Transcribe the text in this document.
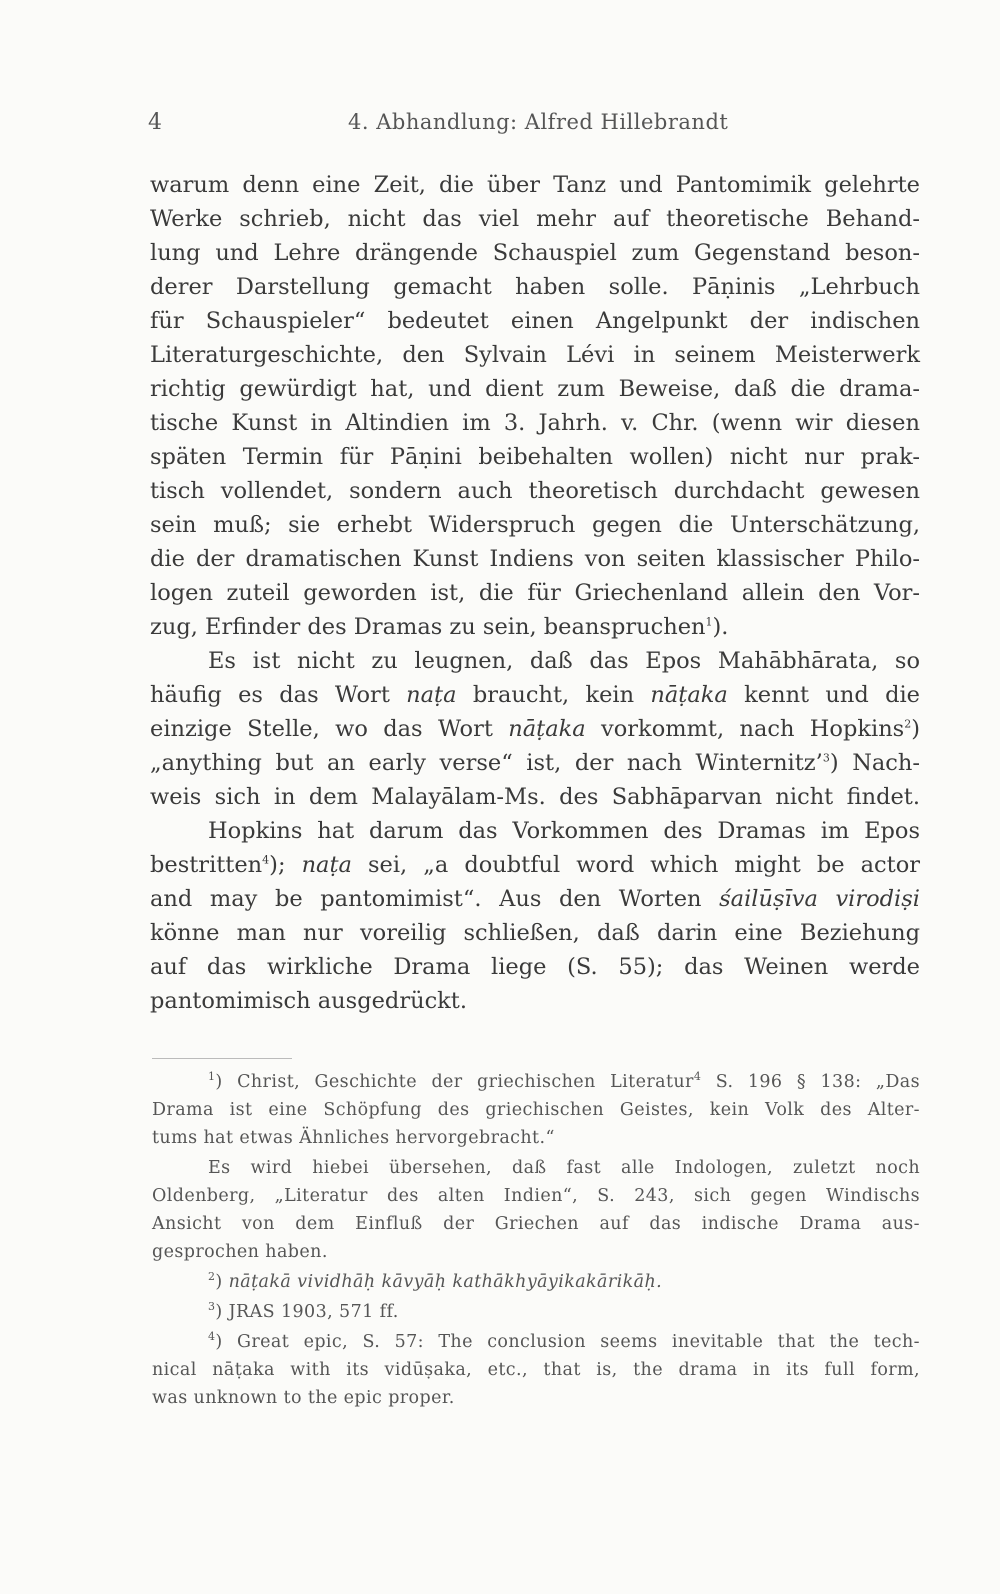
4	4. Abhandlung: Alfred Hillebrandt
warum denn eine Zeit, die über Tanz und Pantomimik gelehrte
Werke schrieb, nicht das viel mehr auf theoretische Behand-
lung und Lehre drängende Schauspiel zum Gegenstand beson-
derer Darstellung gemacht haben solle. Pāṇinis „Lehrbuch
für Schauspieler“ bedeutet einen Angelpunkt der indischen
Literaturgeschichte, den Sylvain Lévi in seinem Meisterwerk
richtig gewürdigt hat, und dient zum Beweise, daß die drama-
tische Kunst in Altindien im 3. Jahrh. v. Chr. (wenn wir diesen
späten Termin für Pāṇini beibehalten wollen) nicht nur prak-
tisch vollendet, sondern auch theoretisch durchdacht gewesen
sein muß; sie erhebt Widerspruch gegen die Unterschätzung,
die der dramatischen Kunst Indiens von seiten klassischer Philo-
logen zuteil geworden ist, die für Griechenland allein den Vor-
zug, Erfinder des Dramas zu sein, beanspruchen$^1$).
Es ist nicht zu leugnen, daß das Epos Mahābhārata, so
häufig es das Wort naṭa braucht, kein nāṭaka kennt und die
einzige Stelle, wo das Wort nāṭaka vorkommt, nach Hopkins$^2$)
„anything but an early verse“ ist, der nach Winternitz’$^3$) Nach-
weis sich in dem Malayālam-Ms. des Sabhāparvan nicht findet.
Hopkins hat darum das Vorkommen des Dramas im Epos
bestritten$^4$); naṭa sei, „a doubtful word which might be actor
and may be pantomimist“. Aus den Worten śailūṣīva virodiṣi
könne man nur voreilig schließen, daß darin eine Beziehung
auf das wirkliche Drama liege (S. 55); das Weinen werde
pantomimisch ausgedrückt.
$^1$) Christ, Geschichte der griechischen Literatur$^4$ S. 196 § 138: „Das
Drama ist eine Schöpfung des griechischen Geistes, kein Volk des Alter-
tums hat etwas Ähnliches hervorgebracht.“
Es wird hiebei übersehen, daß fast alle Indologen, zuletzt noch
Oldenberg, „Literatur des alten Indien“, S. 243, sich gegen Windischs
Ansicht von dem Einfluß der Griechen auf das indische Drama aus-
gesprochen haben.
$^2$) nāṭakā vividhāḥ kāvyāḥ kathākhyāyikakārikāḥ.
$^3$) JRAS 1903, 571 ff.
$^4$) Great epic, S. 57: The conclusion seems inevitable that the tech-
nical nāṭaka with its vidūṣaka, etc., that is, the drama in its full form,
was unknown to the epic proper.
